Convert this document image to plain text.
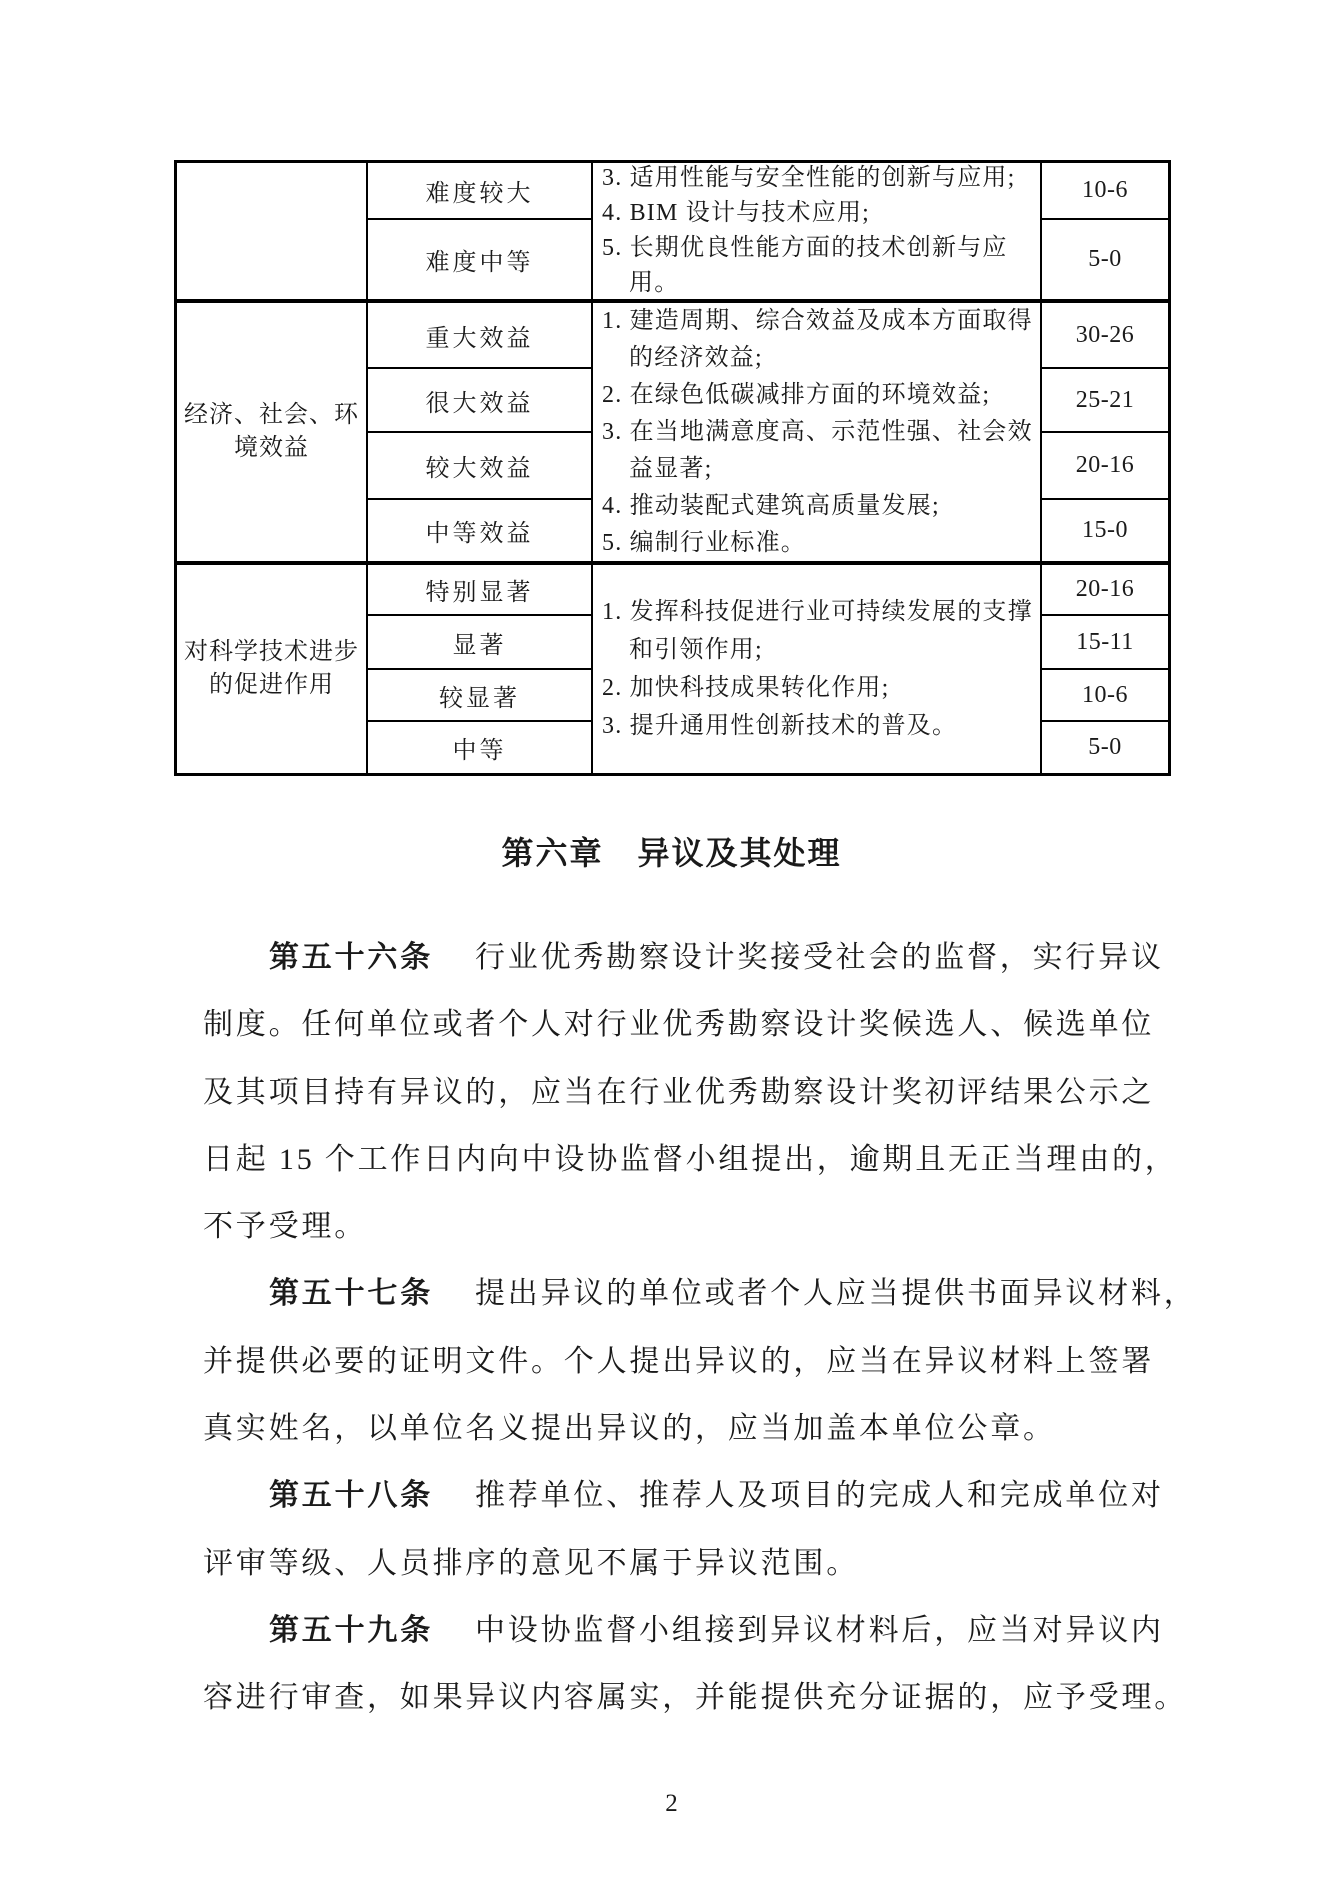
经济、社会、环
境效益
对科学技术进步
的促进作用
3. 适用性能与安全性能的创新与应用;
4. BIM 设计与技术应用;
5. 长期优良性能方面的技术创新与应
用。
1. 建造周期、综合效益及成本方面取得
的经济效益;
2. 在绿色低碳减排方面的环境效益;
3. 在当地满意度高、示范性强、社会效
益显著;
4. 推动装配式建筑高质量发展;
5. 编制行业标准。
1. 发挥科技促进行业可持续发展的支撑
和引领作用;
2. 加快科技成果转化作用;
3. 提升通用性创新技术的普及。
难度较大
难度中等
重大效益
很大效益
较大效益
中等效益
特别显著
显著
较显著
中等
10-6
5-0
30-26
25-21
20-16
15-0
20-16
15-11
10-6
5-0
第六章　异议及其处理
第五十六条 行业优秀勘察设计奖接受社会的监督，实行异议
制度。任何单位或者个人对行业优秀勘察设计奖候选人、候选单位
及其项目持有异议的，应当在行业优秀勘察设计奖初评结果公示之
日起 15 个工作日内向中设协监督小组提出，逾期且无正当理由的，
不予受理。
第五十七条 提出异议的单位或者个人应当提供书面异议材料，
并提供必要的证明文件。个人提出异议的，应当在异议材料上签署
真实姓名，以单位名义提出异议的，应当加盖本单位公章。
第五十八条 推荐单位、推荐人及项目的完成人和完成单位对
评审等级、人员排序的意见不属于异议范围。
第五十九条 中设协监督小组接到异议材料后，应当对异议内
容进行审查，如果异议内容属实，并能提供充分证据的，应予受理。
2
